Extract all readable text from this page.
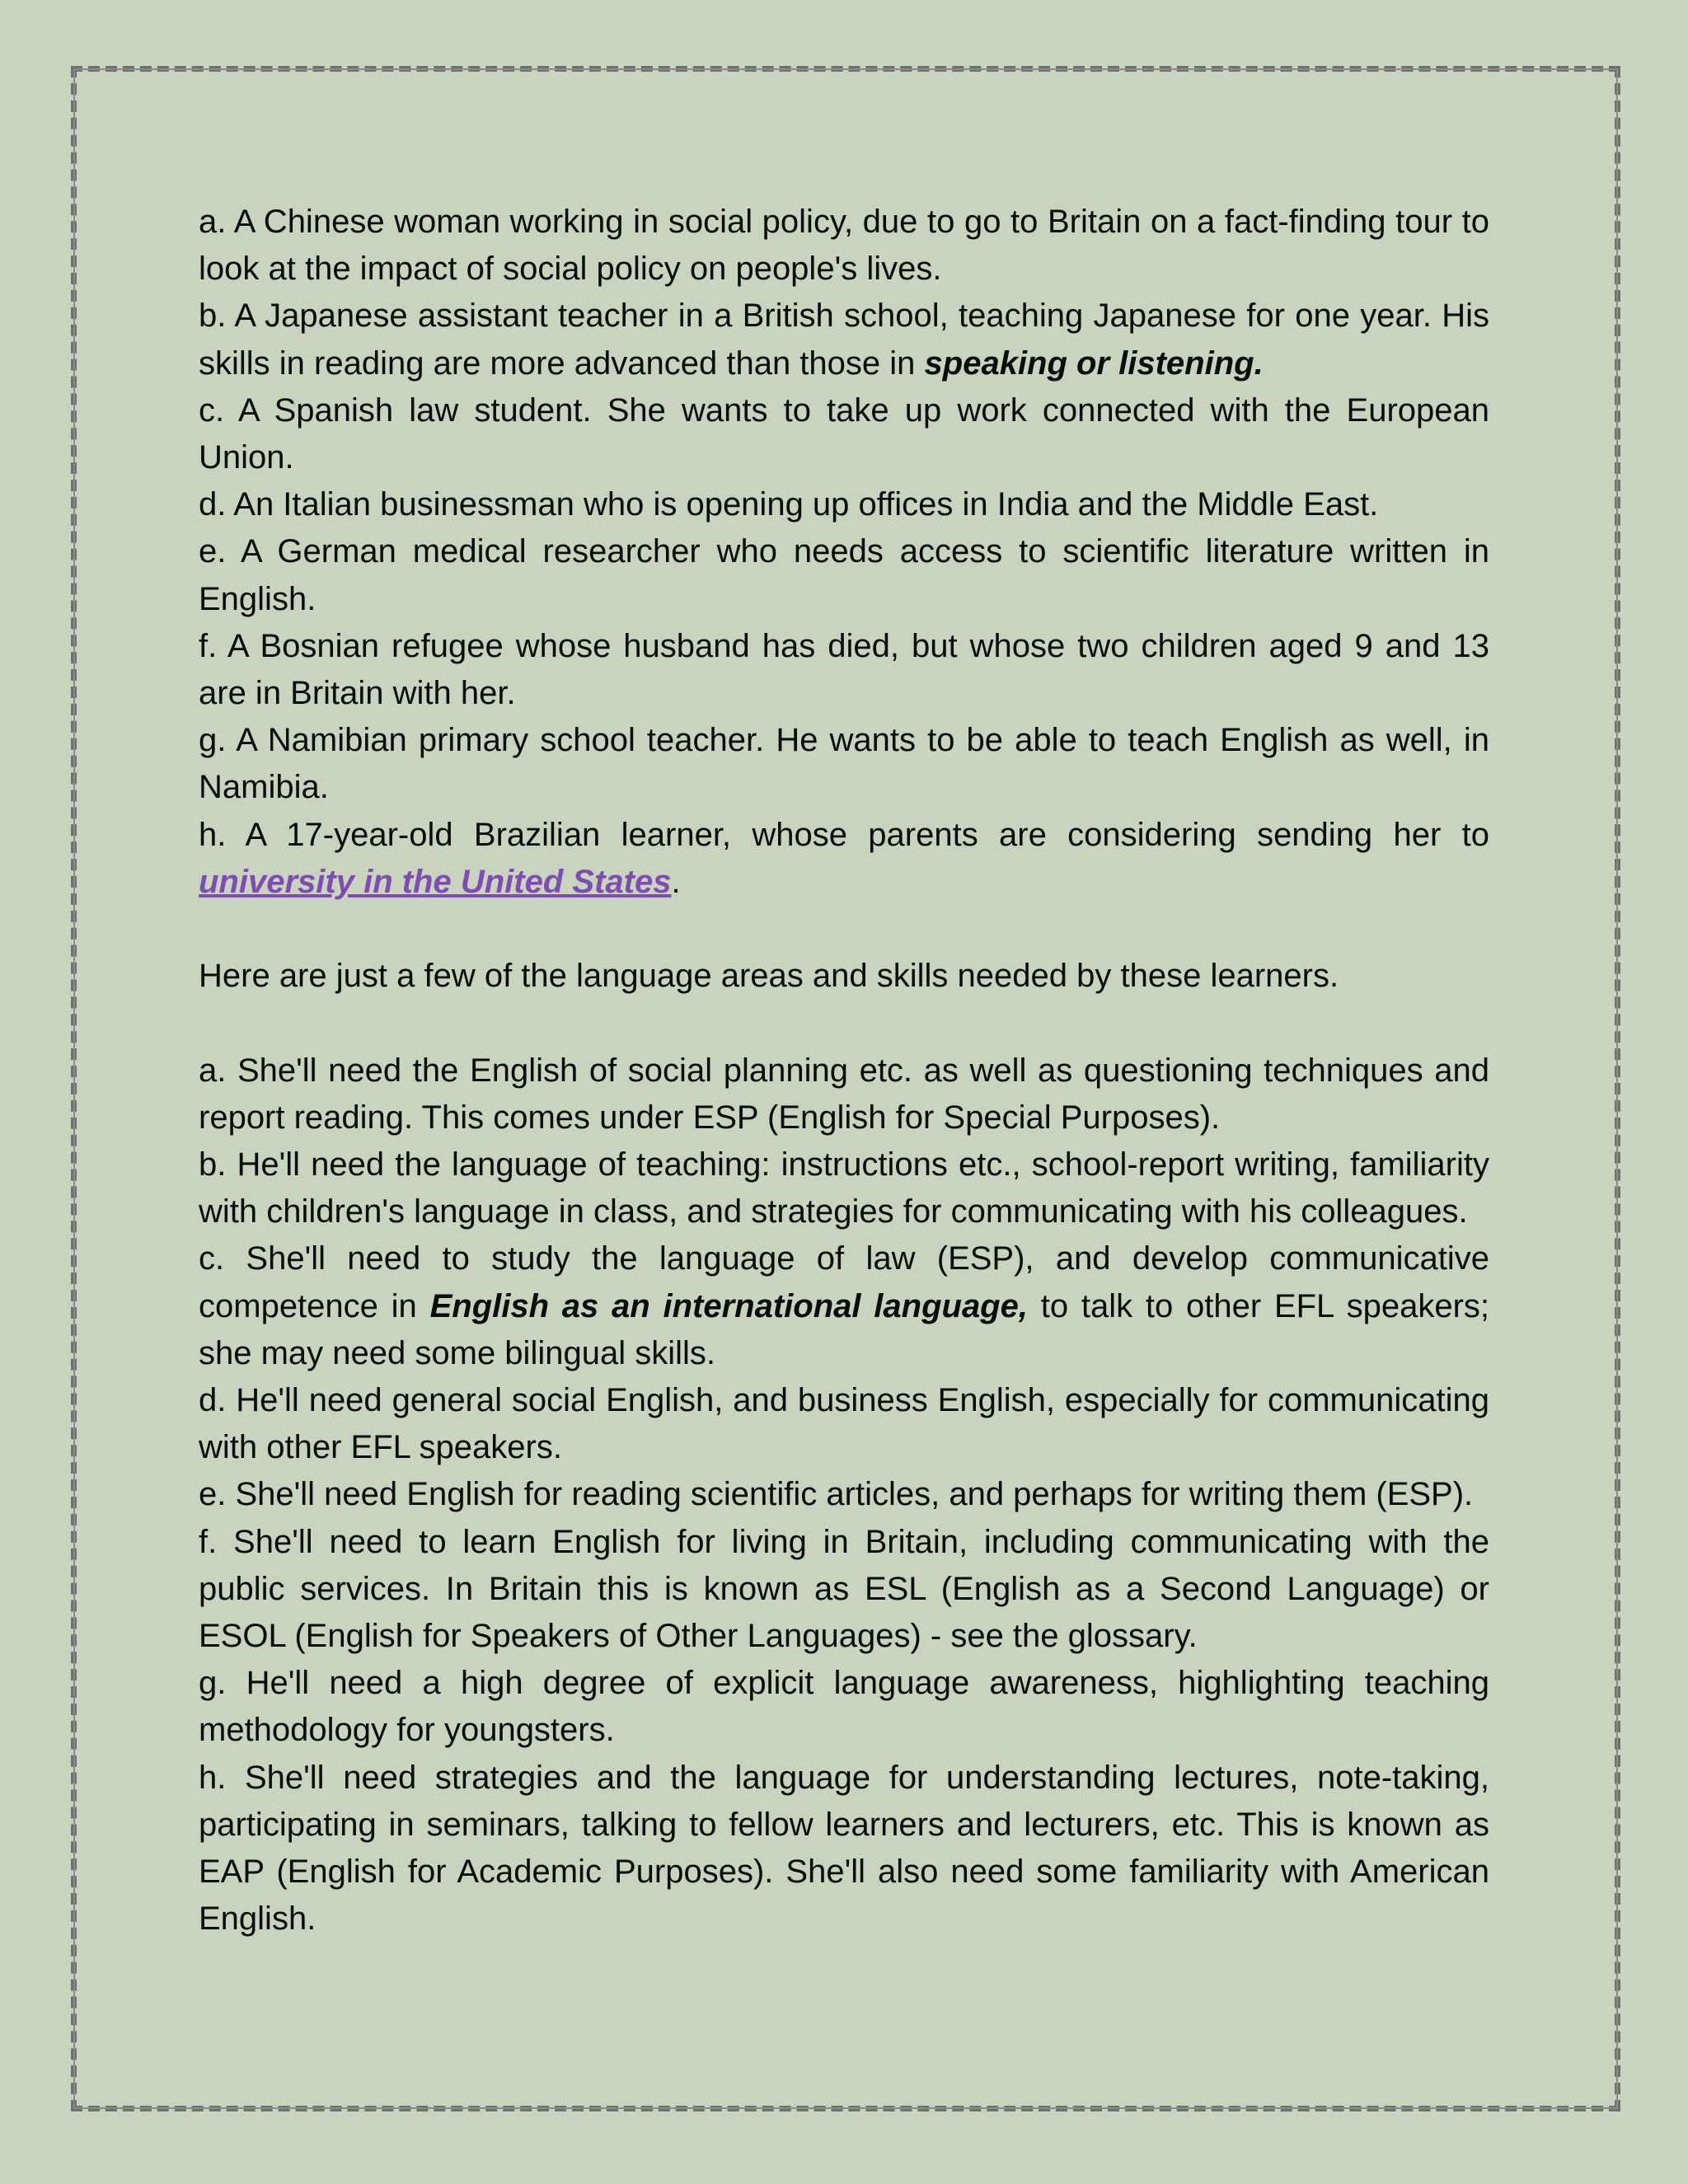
a. A Chinese woman working in social policy, due to go to Britain on a fact-finding tour to look at the impact of social policy on people's lives.

b. A Japanese assistant teacher in a British school, teaching Japanese for one year. His skills in reading are more advanced than those in speaking or listening.

c. A Spanish law student. She wants to take up work connected with the European Union.

d. An Italian businessman who is opening up offices in India and the Middle East.

e. A German medical researcher who needs access to scientific literature written in English.

f. A Bosnian refugee whose husband has died, but whose two children aged 9 and 13 are in Britain with her.

g. A Namibian primary school teacher. He wants to be able to teach English as well, in Namibia.

h. A 17-year-old Brazilian learner, whose parents are considering sending her to university in the United States.

Here are just a few of the language areas and skills needed by these learners.

a. She'll need the English of social planning etc. as well as questioning techniques and report reading. This comes under ESP (English for Special Purposes).

b. He'll need the language of teaching: instructions etc., school-report writing, familiarity with children's language in class, and strategies for communicating with his colleagues.

c. She'll need to study the language of law (ESP), and develop communicative competence in English as an international language, to talk to other EFL speakers; she may need some bilingual skills.

d. He'll need general social English, and business English, especially for communicating with other EFL speakers.

e. She'll need English for reading scientific articles, and perhaps for writing them (ESP).

f. She'll need to learn English for living in Britain, including communicating with the public services. In Britain this is known as ESL (English as a Second Language) or ESOL (English for Speakers of Other Languages) - see the glossary.

g. He'll need a high degree of explicit language awareness, highlighting teaching methodology for youngsters.

h. She'll need strategies and the language for understanding lectures, note-taking, participating in seminars, talking to fellow learners and lecturers, etc. This is known as EAP (English for Academic Purposes). She'll also need some familiarity with American English.
